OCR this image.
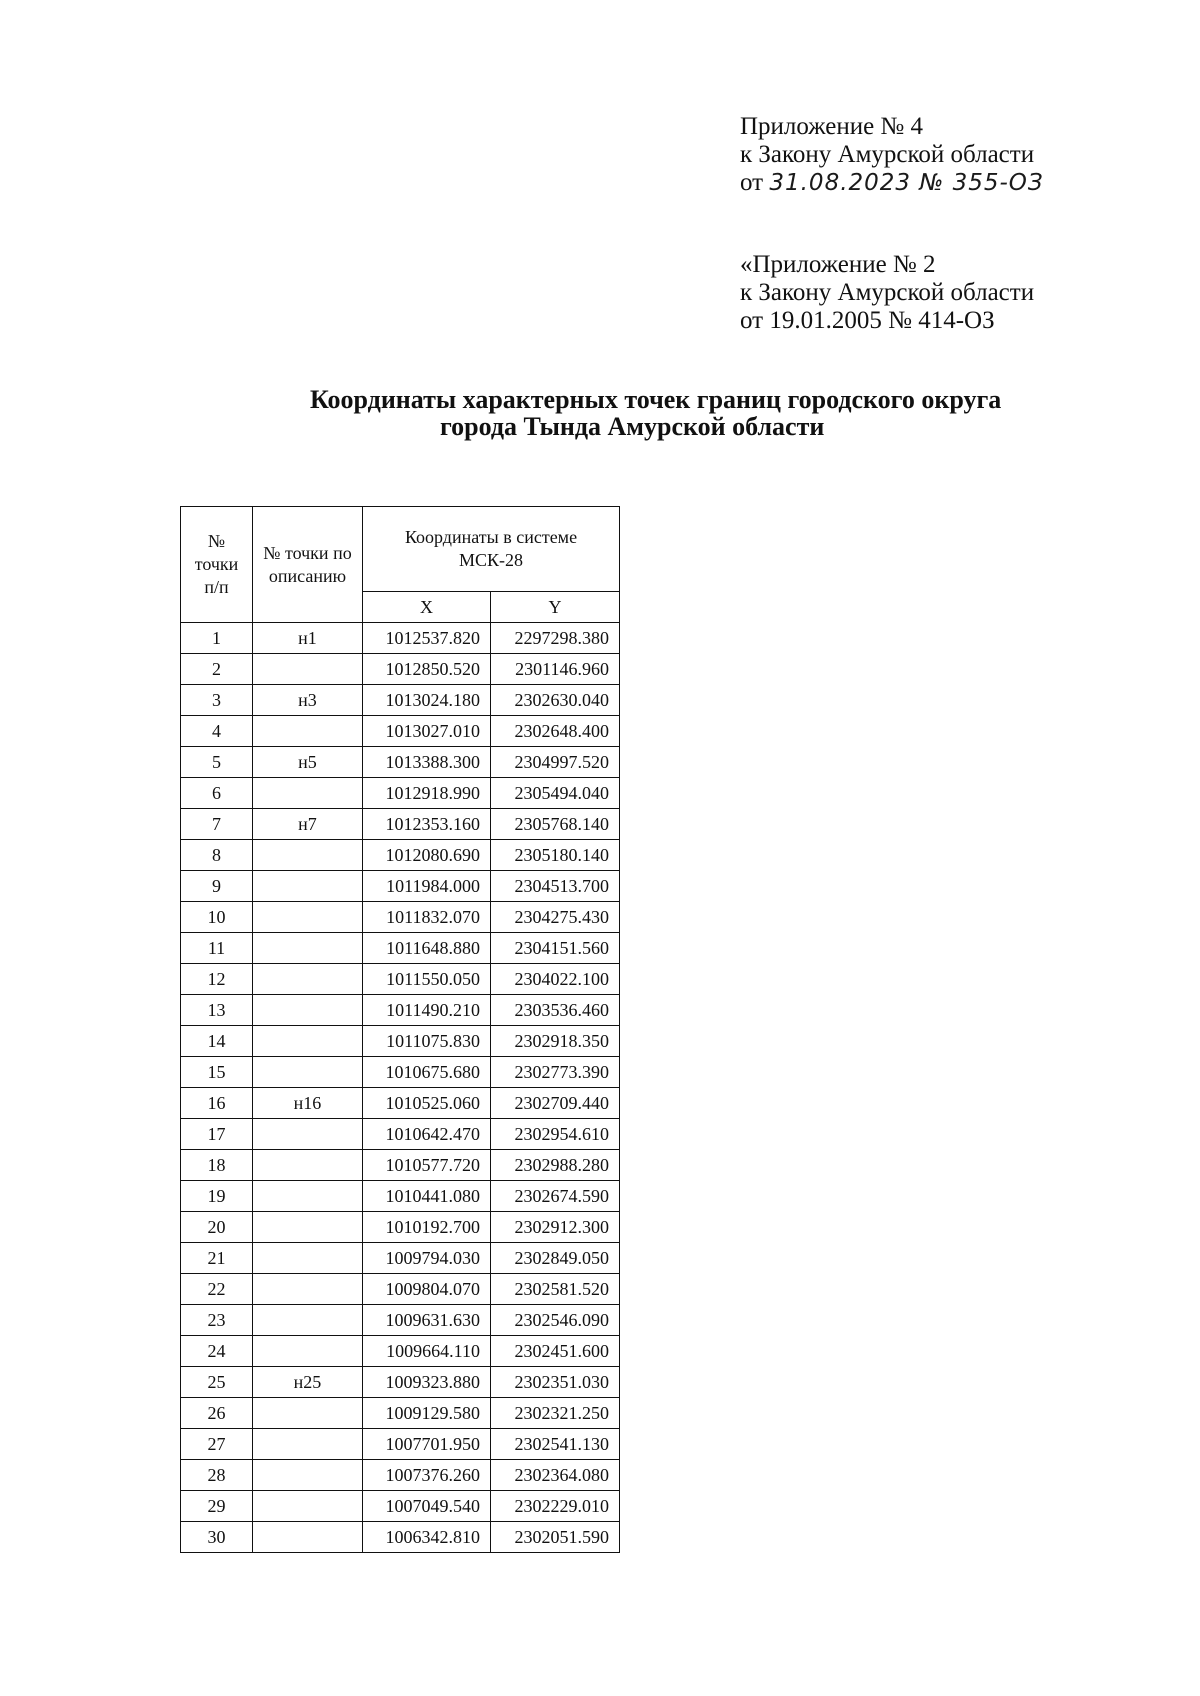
Приложение № 4
к Закону Амурской области
от 31.08.2023 № 355-ОЗ
«Приложение № 2
к Закону Амурской области
от 19.01.2005 № 414-ОЗ
Координаты характерных точек границ городского округа
города Тында Амурской области
№ точки п/п	№ точки по описанию	Координаты в системе МСК-28	

		X	Y
1	н1	1012537.820	2297298.380
2		1012850.520	2301146.960
3	н3	1013024.180	2302630.040
4		1013027.010	2302648.400
5	н5	1013388.300	2304997.520
6		1012918.990	2305494.040
7	н7	1012353.160	2305768.140
8		1012080.690	2305180.140
9		1011984.000	2304513.700
10		1011832.070	2304275.430
11		1011648.880	2304151.560
12		1011550.050	2304022.100
13		1011490.210	2303536.460
14		1011075.830	2302918.350
15		1010675.680	2302773.390
16	н16	1010525.060	2302709.440
17		1010642.470	2302954.610
18		1010577.720	2302988.280
19		1010441.080	2302674.590
20		1010192.700	2302912.300
21		1009794.030	2302849.050
22		1009804.070	2302581.520
23		1009631.630	2302546.090
24		1009664.110	2302451.600
25	н25	1009323.880	2302351.030
26		1009129.580	2302321.250
27		1007701.950	2302541.130
28		1007376.260	2302364.080
29		1007049.540	2302229.010
30		1006342.810	2302051.590
